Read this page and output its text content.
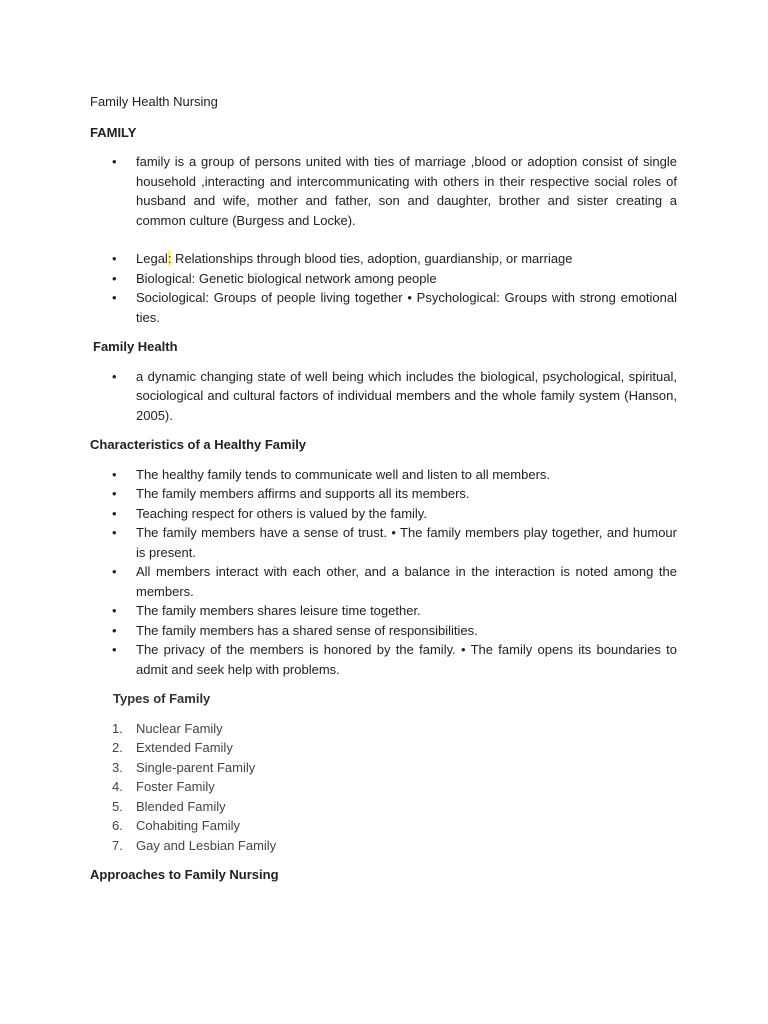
Family Health Nursing

FAMILY

• family is a group of persons united with ties of marriage ,blood or adoption consist of single household ,interacting and intercommunicating with others in their respective social roles of husband and wife, mother and father, son and daughter, brother and sister creating a common culture (Burgess and Locke).
• Legal: Relationships through blood ties, adoption, guardianship, or marriage
• Biological: Genetic biological network among people
• Sociological: Groups of people living together • Psychological: Groups with strong emotional ties.

Family Health

• a dynamic changing state of well being which includes the biological, psychological, spiritual, sociological and cultural factors of individual members and the whole family system (Hanson, 2005).

Characteristics of a Healthy Family

• The healthy family tends to communicate well and listen to all members.
• The family members affirms and supports all its members.
• Teaching respect for others is valued by the family.
• The family members have a sense of trust. • The family members play together, and humour is present.
• All members interact with each other, and a balance in the interaction is noted among the members.
• The family members shares leisure time together.
• The family members has a shared sense of responsibilities.
• The privacy of the members is honored by the family. • The family opens its boundaries to admit and seek help with problems.

Types of Family

1. Nuclear Family
2. Extended Family
3. Single-parent Family
4. Foster Family
5. Blended Family
6. Cohabiting Family
7. Gay and Lesbian Family

Approaches to Family Nursing
